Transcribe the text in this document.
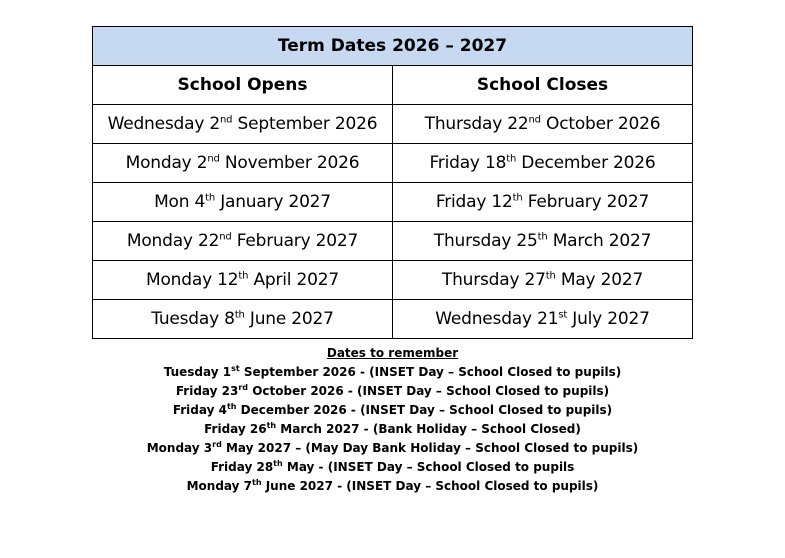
Term Dates 2026 – 2027	
School Opens	School Closes
Wednesday 2nd September 2026	Thursday 22nd October 2026
Monday 2nd November 2026	Friday 18th December 2026
Mon 4th January 2027	Friday 12th February 2027
Monday 22nd February 2027	Thursday 25th March 2027
Monday 12th April 2027	Thursday 27th May 2027
Tuesday 8th June 2027	Wednesday 21st July 2027
Dates to remember
Tuesday 1st September 2026 - (INSET Day – School Closed to pupils)
Friday 23rd October 2026 - (INSET Day – School Closed to pupils)
Friday 4th December 2026 - (INSET Day – School Closed to pupils)
Friday 26th March 2027 - (Bank Holiday – School Closed)
Monday 3rd May 2027 – (May Day Bank Holiday – School Closed to pupils)
Friday 28th May - (INSET Day – School Closed to pupils
Monday 7th June 2027 - (INSET Day – School Closed to pupils)
